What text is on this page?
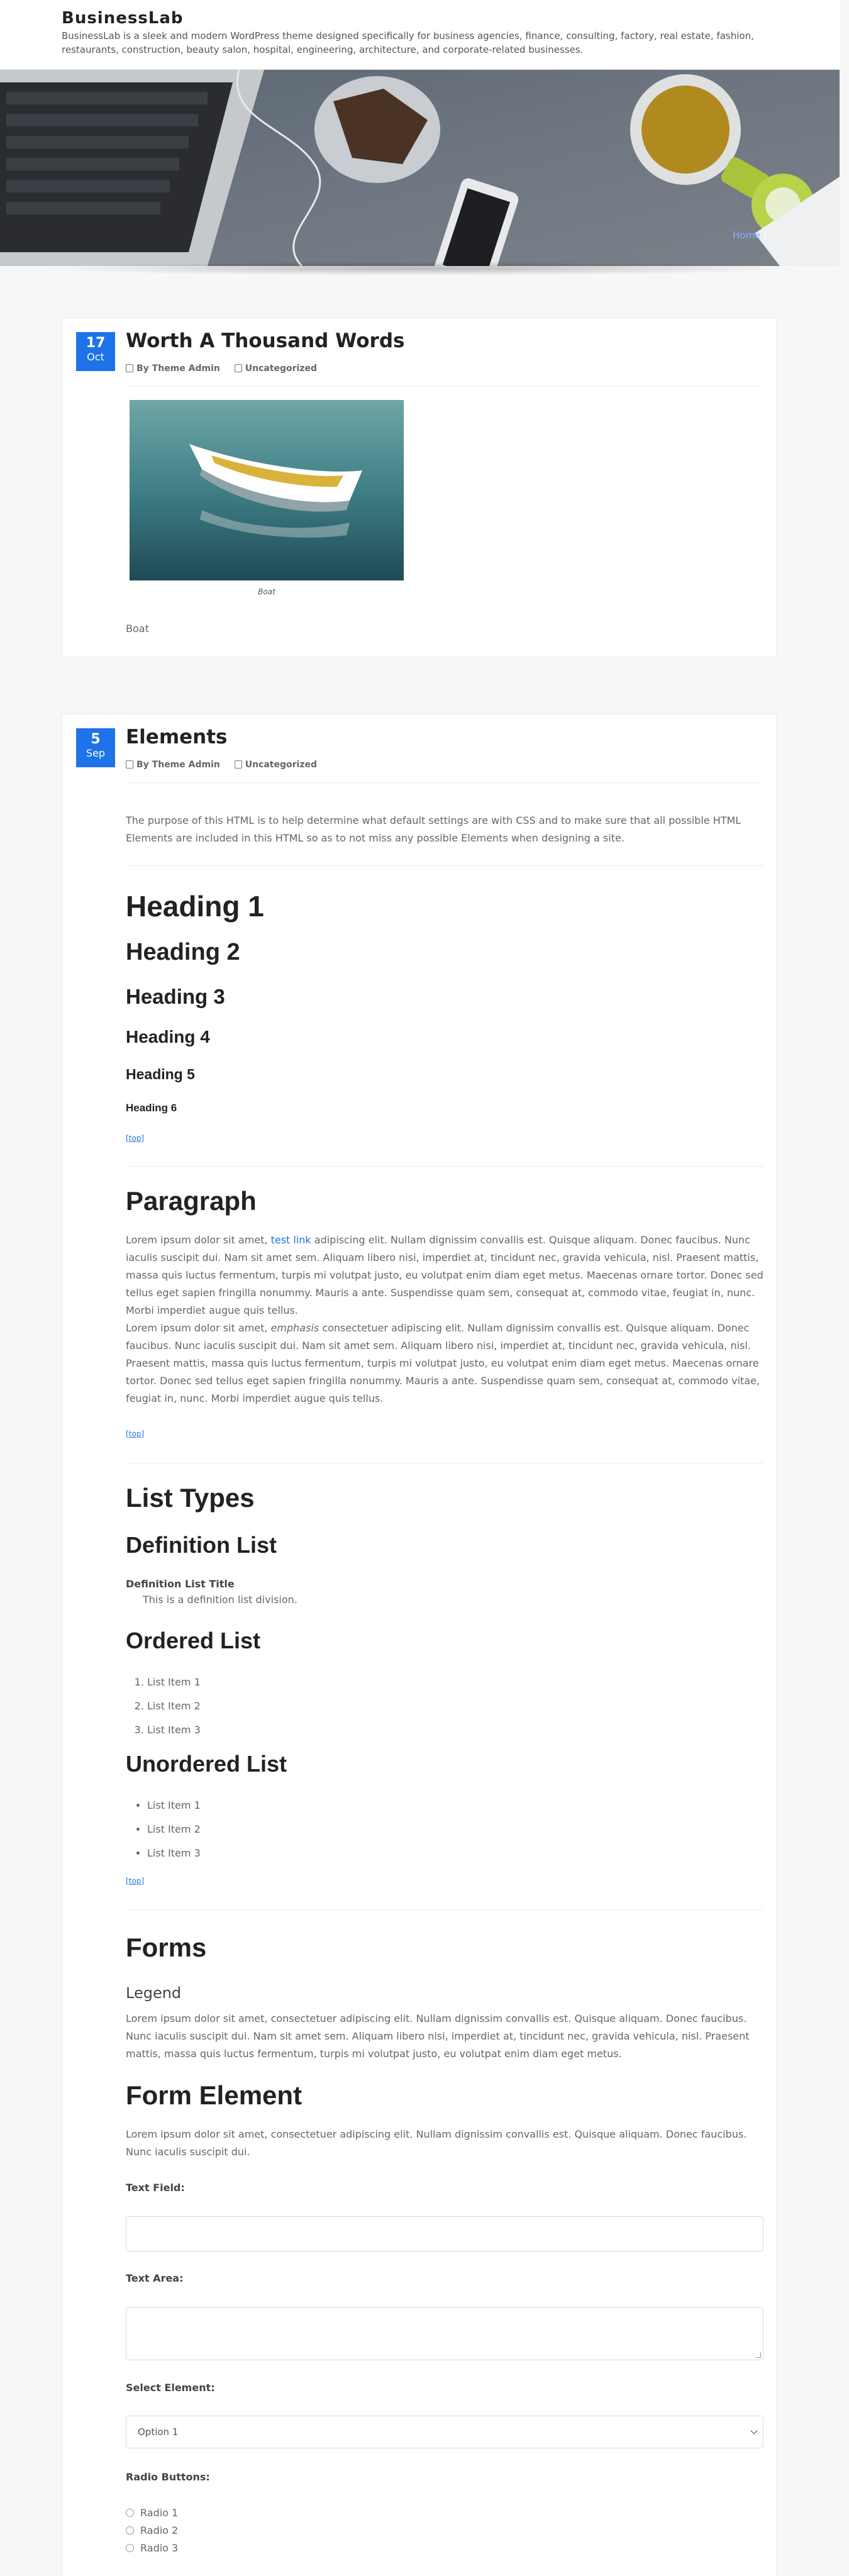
BusinessLab
BusinessLab is a sleek and modern WordPress theme designed specifically for business agencies, finance, consulting, factory, real estate, fashion, restaurants, construction, beauty salon, hospital, engineering, architecture, and corporate-related businesses.
Home /
17
Oct
Worth A Thousand Words
By Theme Admin	Uncategorized
Boat
Boat
5
Sep
Elements
By Theme Admin	Uncategorized
The purpose of this HTML is to help determine what default settings are with CSS and to make sure that all possible HTML Elements are included in this HTML so as to not miss any possible Elements when designing a site.
Heading 1
Heading 2
Heading 3
Heading 4
Heading 5
Heading 6
[top]
Paragraph
Lorem ipsum dolor sit amet, test link adipiscing elit. Nullam dignissim convallis est. Quisque aliquam. Donec faucibus. Nunc iaculis suscipit dui. Nam sit amet sem. Aliquam libero nisi, imperdiet at, tincidunt nec, gravida vehicula, nisl. Praesent mattis, massa quis luctus fermentum, turpis mi volutpat justo, eu volutpat enim diam eget metus. Maecenas ornare tortor. Donec sed tellus eget sapien fringilla nonummy. Mauris a ante. Suspendisse quam sem, consequat at, commodo vitae, feugiat in, nunc. Morbi imperdiet augue quis tellus.
Lorem ipsum dolor sit amet, emphasis consectetuer adipiscing elit. Nullam dignissim convallis est. Quisque aliquam. Donec faucibus. Nunc iaculis suscipit dui. Nam sit amet sem. Aliquam libero nisi, imperdiet at, tincidunt nec, gravida vehicula, nisl. Praesent mattis, massa quis luctus fermentum, turpis mi volutpat justo, eu volutpat enim diam eget metus. Maecenas ornare tortor. Donec sed tellus eget sapien fringilla nonummy. Mauris a ante. Suspendisse quam sem, consequat at, commodo vitae, feugiat in, nunc. Morbi imperdiet augue quis tellus.
[top]
List Types
Definition List
Definition List Title
This is a definition list division.
Ordered List
1. List Item 1
2. List Item 2
3. List Item 3
Unordered List
• List Item 1
• List Item 2
• List Item 3
[top]
Forms
Legend
Lorem ipsum dolor sit amet, consectetuer adipiscing elit. Nullam dignissim convallis est. Quisque aliquam. Donec faucibus. Nunc iaculis suscipit dui. Nam sit amet sem. Aliquam libero nisi, imperdiet at, tincidunt nec, gravida vehicula, nisl. Praesent mattis, massa quis luctus fermentum, turpis mi volutpat justo, eu volutpat enim diam eget metus.
Form Element
Lorem ipsum dolor sit amet, consectetuer adipiscing elit. Nullam dignissim convallis est. Quisque aliquam. Donec faucibus. Nunc iaculis suscipit dui.
Text Field:
Text Area:
Select Element:
Option 1
Radio Buttons:
Radio 1
Radio 2
Radio 3
